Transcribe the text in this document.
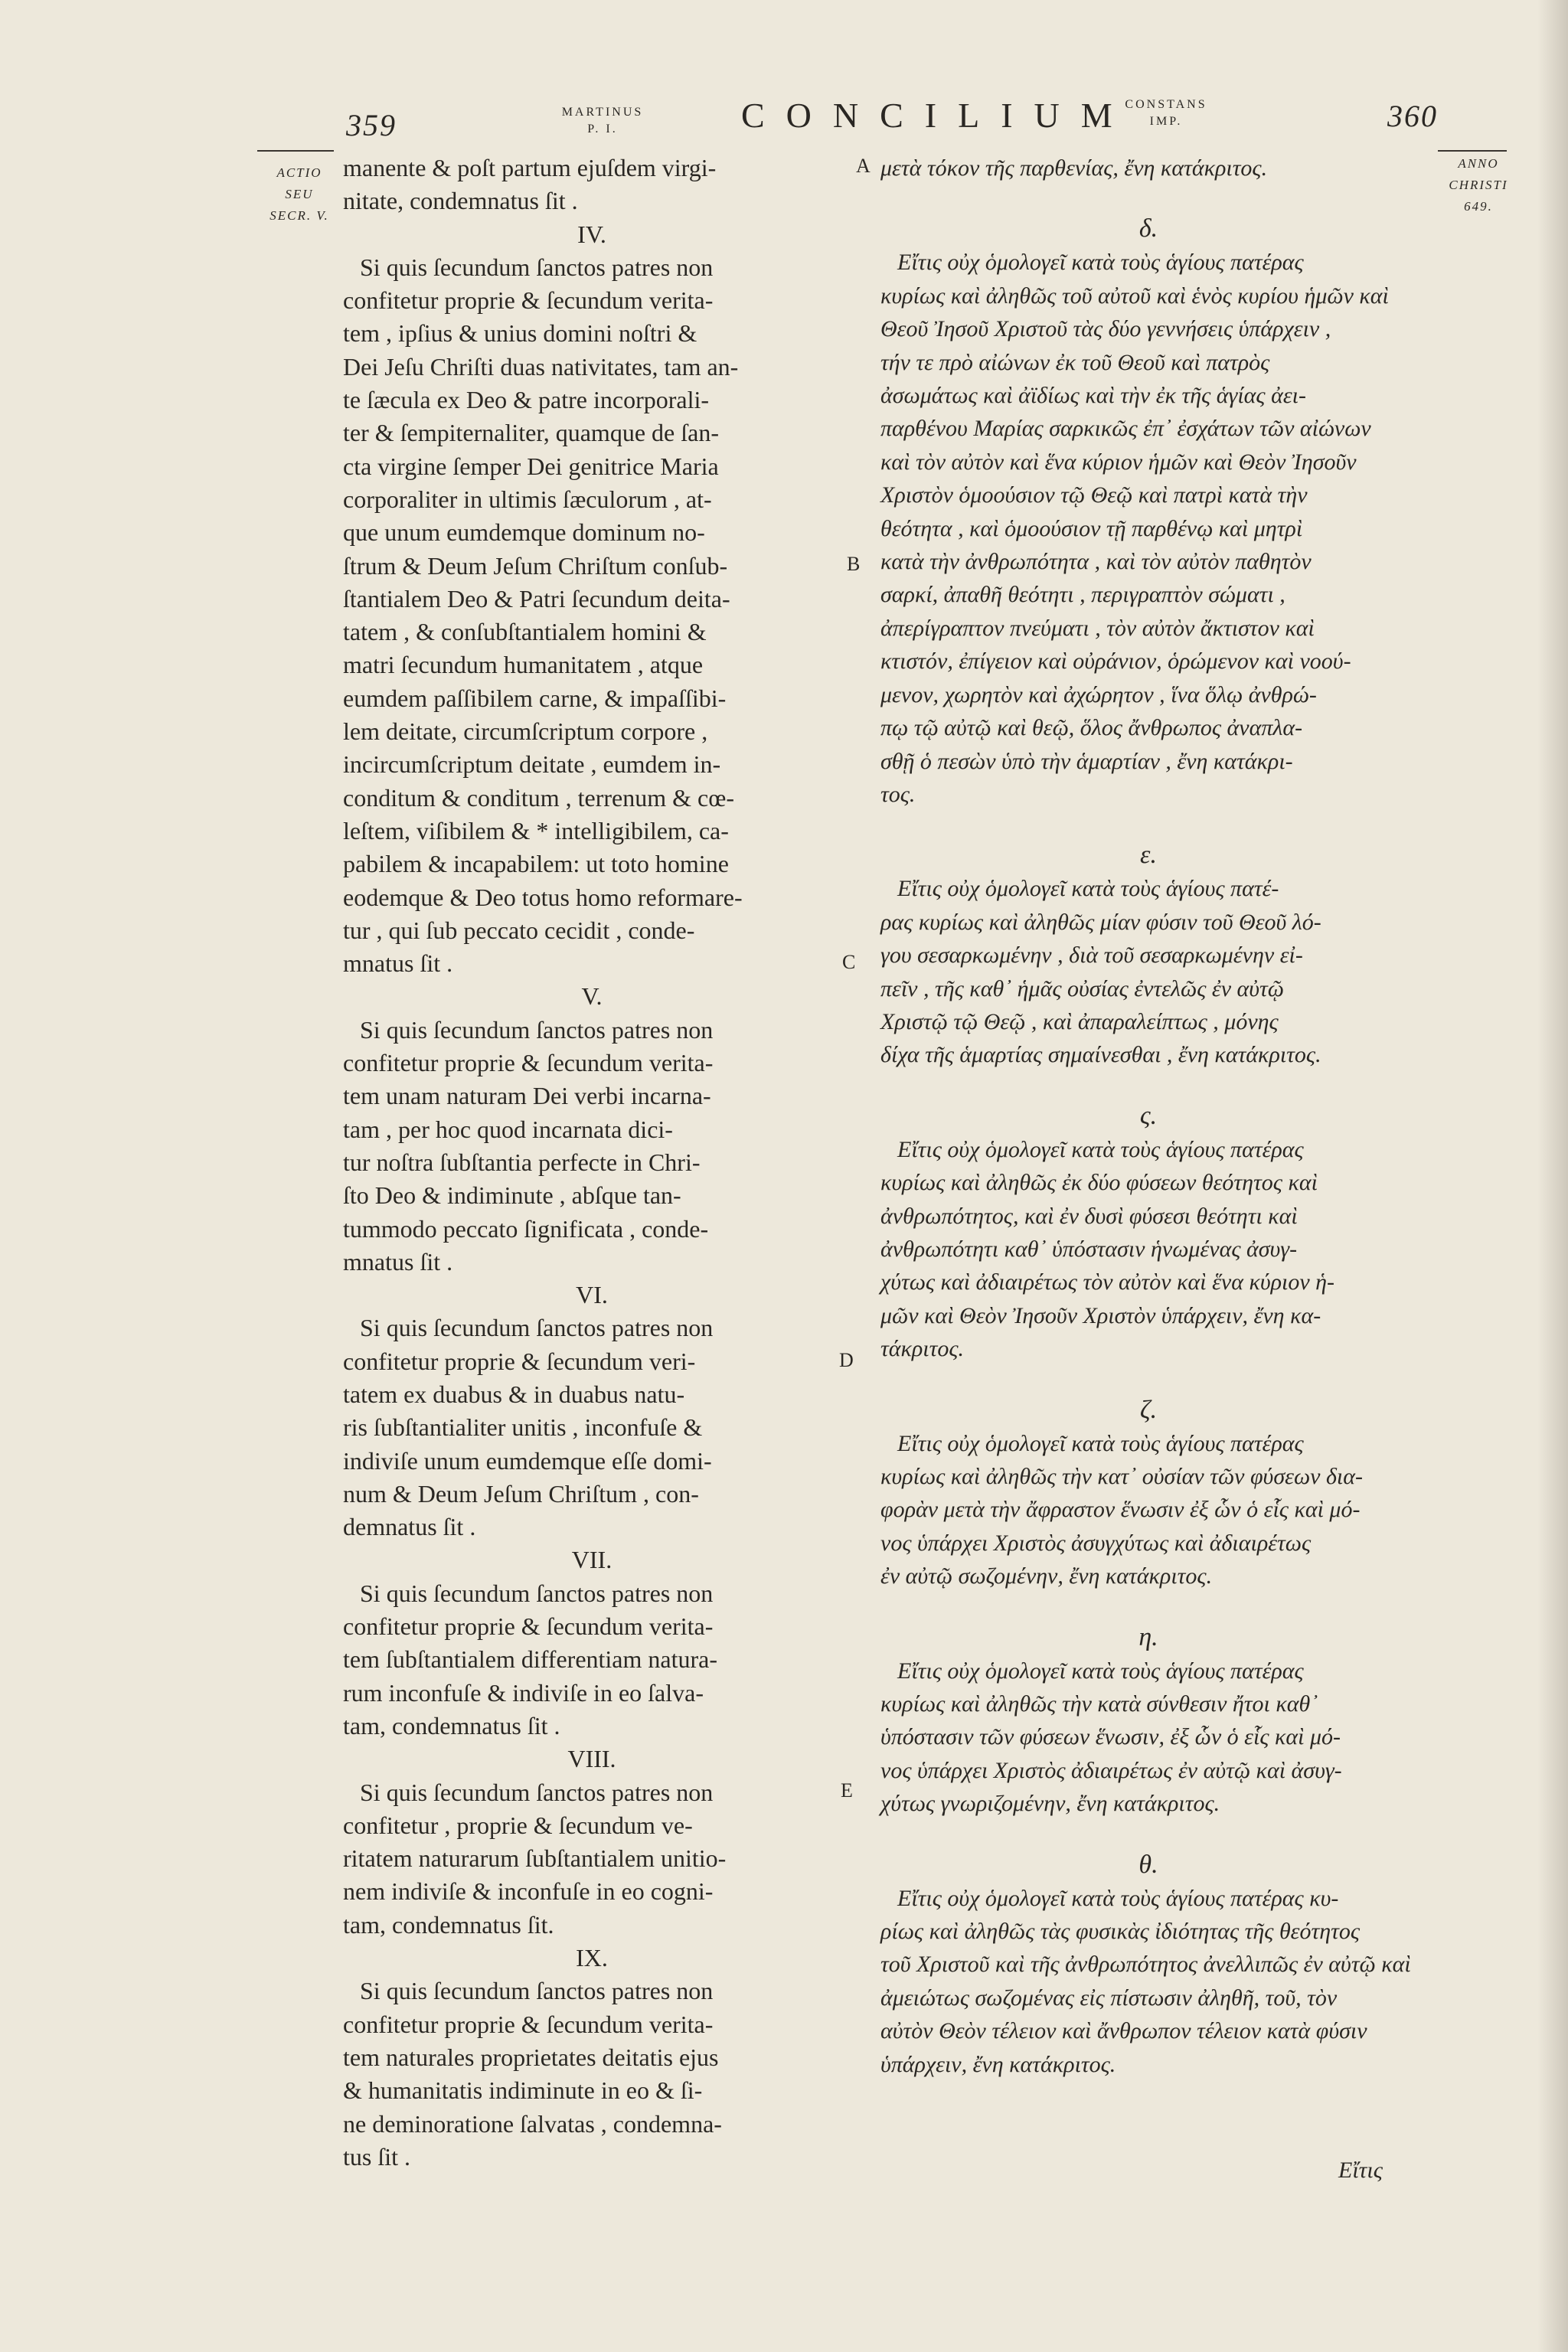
359	MARTINUS
P. I.	CONCILIUM
CONSTANS
IMP.	360
ACTIO
SEU
SECR. V.
ANNO
CHRISTI
649.
A
B
C
D
E
manente & poſt partum ejuſdem virgi-
nitate, condemnatus ſit .
IV.
Si quis ſecundum ſanctos patres non
confitetur proprie & ſecundum verita-
tem , ipſius & unius domini noſtri &
Dei Jeſu Chriſti duas nativitates, tam an-
te ſæcula ex Deo & patre incorporali-
ter & ſempiternaliter, quamque de ſan-
cta virgine ſemper Dei genitrice Maria
corporaliter in ultimis ſæculorum , at-
que unum eumdemque dominum no-
ſtrum & Deum Jeſum Chriſtum conſub-
ſtantialem Deo & Patri ſecundum deita-
tatem , & conſubſtantialem homini &
matri ſecundum humanitatem , atque
eumdem paſſibilem carne, & impaſſibi-
lem deitate, circumſcriptum corpore ,
incircumſcriptum deitate , eumdem in-
conditum & conditum , terrenum & cœ-
leſtem, viſibilem & * intelligibilem, ca-
pabilem & incapabilem: ut toto homine
eodemque & Deo totus homo reformare-
tur , qui ſub peccato cecidit , conde-
mnatus ſit .
V.
Si quis ſecundum ſanctos patres non
confitetur proprie & ſecundum verita-
tem unam naturam Dei verbi incarna-
tam , per hoc quod incarnata dici-
tur noſtra ſubſtantia perfecte in Chri-
ſto Deo & indiminute , abſque tan-
tummodo peccato ſignificata , conde-
mnatus ſit .
VI.
Si quis ſecundum ſanctos patres non
confitetur proprie & ſecundum veri-
tatem ex duabus & in duabus natu-
ris ſubſtantialiter unitis , inconfuſe &
indiviſe unum eumdemque eſſe domi-
num & Deum Jeſum Chriſtum , con-
demnatus ſit .
VII.
Si quis ſecundum ſanctos patres non
confitetur proprie & ſecundum verita-
tem ſubſtantialem differentiam natura-
rum inconfuſe & indiviſe in eo ſalva-
tam, condemnatus ſit .
VIII.
Si quis ſecundum ſanctos patres non
confitetur , proprie & ſecundum ve-
ritatem naturarum ſubſtantialem unitio-
nem indiviſe & inconfuſe in eo cogni-
tam, condemnatus ſit.
IX.
Si quis ſecundum ſanctos patres non
confitetur proprie & ſecundum verita-
tem naturales proprietates deitatis ejus
& humanitatis indiminute in eo & ſi-
ne deminoratione ſalvatas , condemna-
tus ſit .
μετὰ τόκον τῆς παρθενίας, ἔνη κατάκριτος.
δ.
Εἴτις οὐχ ὁμολογεῖ κατὰ τοὺς ἁγίους πατέρας
κυρίως καὶ ἀληθῶς τοῦ αὐτοῦ καὶ ἑνὸς κυρίου ἡμῶν καὶ
Θεοῦ Ἰησοῦ Χριστοῦ τὰς δύο γεννήσεις ὑπάρχειν ,
τήν τε πρὸ αἰώνων ἐκ τοῦ Θεοῦ καὶ πατρὸς
ἀσωμάτως καὶ ἀϊδίως καὶ τὴν ἐκ τῆς ἁγίας ἀει-
παρθένου Μαρίας σαρκικῶς ἐπ᾽ ἐσχάτων τῶν αἰώνων
καὶ τὸν αὐτὸν καὶ ἕνα κύριον ἡμῶν καὶ Θεὸν Ἰησοῦν
Χριστὸν ὁμοούσιον τῷ Θεῷ καὶ πατρὶ κατὰ τὴν
θεότητα , καὶ ὁμοούσιον τῇ παρθένῳ καὶ μητρὶ
κατὰ τὴν ἀνθρωπότητα , καὶ τὸν αὐτὸν παθητὸν
σαρκί, ἀπαθῆ θεότητι , περιγραπτὸν σώματι ,
ἀπερίγραπτον πνεύματι , τὸν αὐτὸν ἄκτιστον καὶ
κτιστόν, ἐπίγειον καὶ οὐράνιον, ὁρώμενον καὶ νοού-
μενον, χωρητὸν καὶ ἀχώρητον , ἵνα ὅλῳ ἀνθρώ-
πῳ τῷ αὐτῷ καὶ θεῷ, ὅλος ἄνθρωπος ἀναπλα-
σθῇ ὁ πεσὼν ὑπὸ τὴν ἁμαρτίαν , ἔνη κατάκρι-
τος.
ε.
Εἴτις οὐχ ὁμολογεῖ κατὰ τοὺς ἁγίους πατέ-
ρας κυρίως καὶ ἀληθῶς μίαν φύσιν τοῦ Θεοῦ λό-
γου σεσαρκωμένην , διὰ τοῦ σεσαρκωμένην εἰ-
πεῖν , τῆς καθ᾽ ἡμᾶς οὐσίας ἐντελῶς ἐν αὐτῷ
Χριστῷ τῷ Θεῷ , καὶ ἀπαραλείπτως , μόνης
δίχα τῆς ἁμαρτίας σημαίνεσθαι , ἔνη κατάκριτος.
ς.
Εἴτις οὐχ ὁμολογεῖ κατὰ τοὺς ἁγίους πατέρας
κυρίως καὶ ἀληθῶς ἐκ δύο φύσεων θεότητος καὶ
ἀνθρωπότητος, καὶ ἐν δυσὶ φύσεσι θεότητι καὶ
ἀνθρωπότητι καθ᾽ ὑπόστασιν ἡνωμένας ἀσυγ-
χύτως καὶ ἀδιαιρέτως τὸν αὐτὸν καὶ ἕνα κύριον ἡ-
μῶν καὶ Θεὸν Ἰησοῦν Χριστὸν ὑπάρχειν, ἔνη κα-
τάκριτος.
ζ.
Εἴτις οὐχ ὁμολογεῖ κατὰ τοὺς ἁγίους πατέρας
κυρίως καὶ ἀληθῶς τὴν κατ᾽ οὐσίαν τῶν φύσεων δια-
φορὰν μετὰ τὴν ἄφραστον ἕνωσιν ἐξ ὧν ὁ εἷς καὶ μό-
νος ὑπάρχει Χριστὸς ἀσυγχύτως καὶ ἀδιαιρέτως
ἐν αὐτῷ σωζομένην, ἔνη κατάκριτος.
η.
Εἴτις οὐχ ὁμολογεῖ κατὰ τοὺς ἁγίους πατέρας
κυρίως καὶ ἀληθῶς τὴν κατὰ σύνθεσιν ἤτοι καθ᾽
ὑπόστασιν τῶν φύσεων ἕνωσιν, ἐξ ὧν ὁ εἷς καὶ μό-
νος ὑπάρχει Χριστὸς ἀδιαιρέτως ἐν αὐτῷ καὶ ἀσυγ-
χύτως γνωριζομένην, ἔνη κατάκριτος.
θ.
Εἴτις οὐχ ὁμολογεῖ κατὰ τοὺς ἁγίους πατέρας κυ-
ρίως καὶ ἀληθῶς τὰς φυσικὰς ἰδιότητας τῆς θεότητος
τοῦ Χριστοῦ καὶ τῆς ἀνθρωπότητος ἀνελλιπῶς ἐν αὐτῷ καὶ
ἀμειώτως σωζομένας εἰς πίστωσιν ἀληθῆ, τοῦ, τὸν
αὐτὸν Θεὸν τέλειον καὶ ἄνθρωπον τέλειον κατὰ φύσιν
ὑπάρχειν, ἔνη κατάκριτος.
Εἴτις
